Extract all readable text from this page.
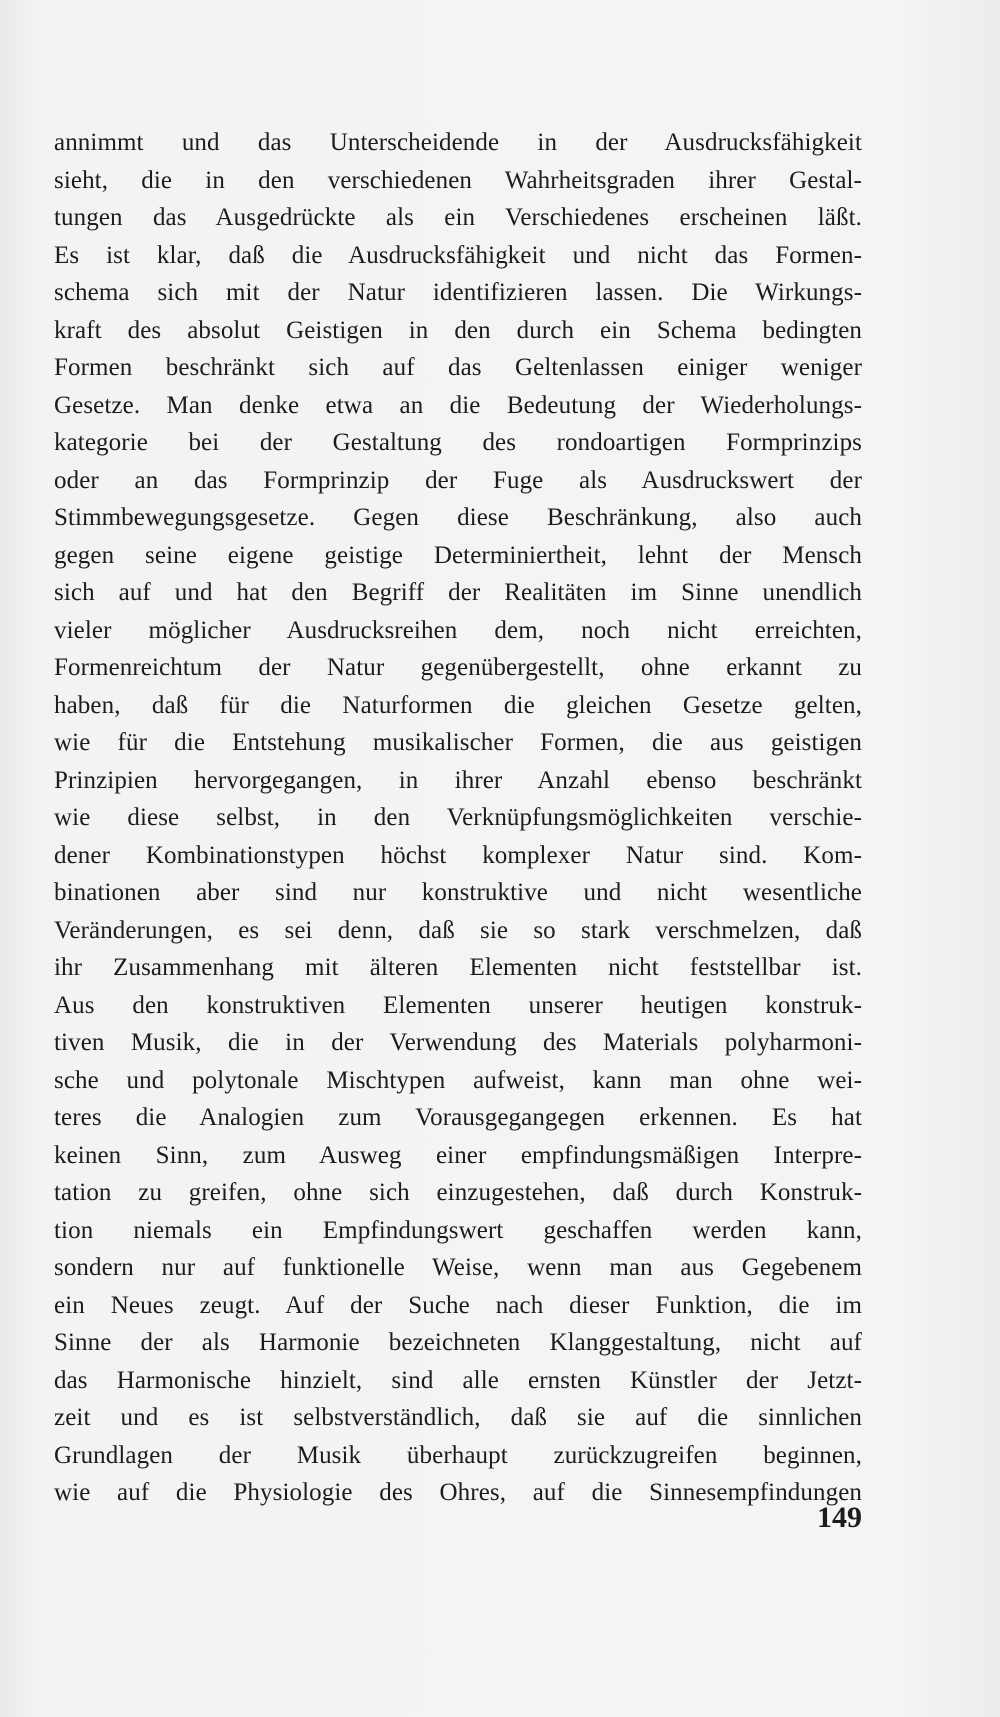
annimmt und das Unterscheidende in der Ausdrucksfähigkeit
sieht, die in den verschiedenen Wahrheitsgraden ihrer Gestal-
tungen das Ausgedrückte als ein Verschiedenes erscheinen läßt.
Es ist klar, daß die Ausdrucksfähigkeit und nicht das Formen-
schema sich mit der Natur identifizieren lassen. Die Wirkungs-
kraft des absolut Geistigen in den durch ein Schema bedingten
Formen beschränkt sich auf das Geltenlassen einiger weniger
Gesetze. Man denke etwa an die Bedeutung der Wiederholungs-
kategorie bei der Gestaltung des rondoartigen Formprinzips
oder an das Formprinzip der Fuge als Ausdruckswert der
Stimmbewegungsgesetze. Gegen diese Beschränkung, also auch
gegen seine eigene geistige Determiniertheit, lehnt der Mensch
sich auf und hat den Begriff der Realitäten im Sinne unendlich
vieler möglicher Ausdrucksreihen dem, noch nicht erreichten,
Formenreichtum der Natur gegenübergestellt, ohne erkannt zu
haben, daß für die Naturformen die gleichen Gesetze gelten,
wie für die Entstehung musikalischer Formen, die aus geistigen
Prinzipien hervorgegangen, in ihrer Anzahl ebenso beschränkt
wie diese selbst, in den Verknüpfungsmöglichkeiten verschie-
dener Kombinationstypen höchst komplexer Natur sind. Kom-
binationen aber sind nur konstruktive und nicht wesentliche
Veränderungen, es sei denn, daß sie so stark verschmelzen, daß
ihr Zusammenhang mit älteren Elementen nicht feststellbar ist.
Aus den konstruktiven Elementen unserer heutigen konstruk-
tiven Musik, die in der Verwendung des Materials polyharmoni-
sche und polytonale Mischtypen aufweist, kann man ohne wei-
teres die Analogien zum Vorausgegangegen erkennen. Es hat
keinen Sinn, zum Ausweg einer empfindungsmäßigen Interpre-
tation zu greifen, ohne sich einzugestehen, daß durch Konstruk-
tion niemals ein Empfindungswert geschaffen werden kann,
sondern nur auf funktionelle Weise, wenn man aus Gegebenem
ein Neues zeugt. Auf der Suche nach dieser Funktion, die im
Sinne der als Harmonie bezeichneten Klanggestaltung, nicht auf
das Harmonische hinzielt, sind alle ernsten Künstler der Jetzt-
zeit und es ist selbstverständlich, daß sie auf die sinnlichen
Grundlagen der Musik überhaupt zurückzugreifen beginnen,
wie auf die Physiologie des Ohres, auf die Sinnesempfindungen
149
